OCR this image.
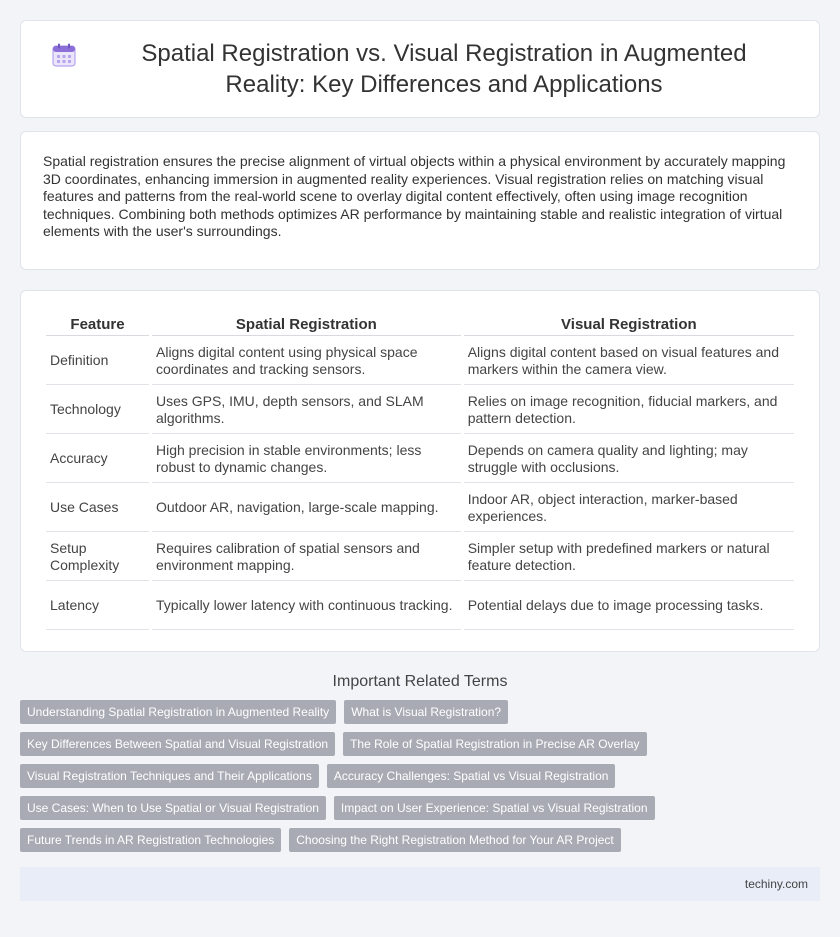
Spatial Registration vs. Visual Registration in Augmented Reality: Key Differences and Applications

Spatial registration ensures the precise alignment of virtual objects within a physical environment by accurately mapping 3D coordinates, enhancing immersion in augmented reality experiences. Visual registration relies on matching visual features and patterns from the real-world scene to overlay digital content effectively, often using image recognition techniques. Combining both methods optimizes AR performance by maintaining stable and realistic integration of virtual elements with the user's surroundings.

Feature	Spatial Registration	Visual Registration
Definition	Aligns digital content using physical space coordinates and tracking sensors.	Aligns digital content based on visual features and markers within the camera view.
Technology	Uses GPS, IMU, depth sensors, and SLAM algorithms.	Relies on image recognition, fiducial markers, and pattern detection.
Accuracy	High precision in stable environments; less robust to dynamic changes.	Depends on camera quality and lighting; may struggle with occlusions.
Use Cases	Outdoor AR, navigation, large-scale mapping.	Indoor AR, object interaction, marker-based experiences.
Setup Complexity	Requires calibration of spatial sensors and environment mapping.	Simpler setup with predefined markers or natural feature detection.
Latency	Typically lower latency with continuous tracking.	Potential delays due to image processing tasks.
Important Related Terms
Understanding Spatial Registration in Augmented Reality	What is Visual Registration?
Key Differences Between Spatial and Visual Registration	The Role of Spatial Registration in Precise AR Overlay
Visual Registration Techniques and Their Applications	Accuracy Challenges: Spatial vs Visual Registration
Use Cases: When to Use Spatial or Visual Registration	Impact on User Experience: Spatial vs Visual Registration
Future Trends in AR Registration Technologies	Choosing the Right Registration Method for Your AR Project
techiny.com
